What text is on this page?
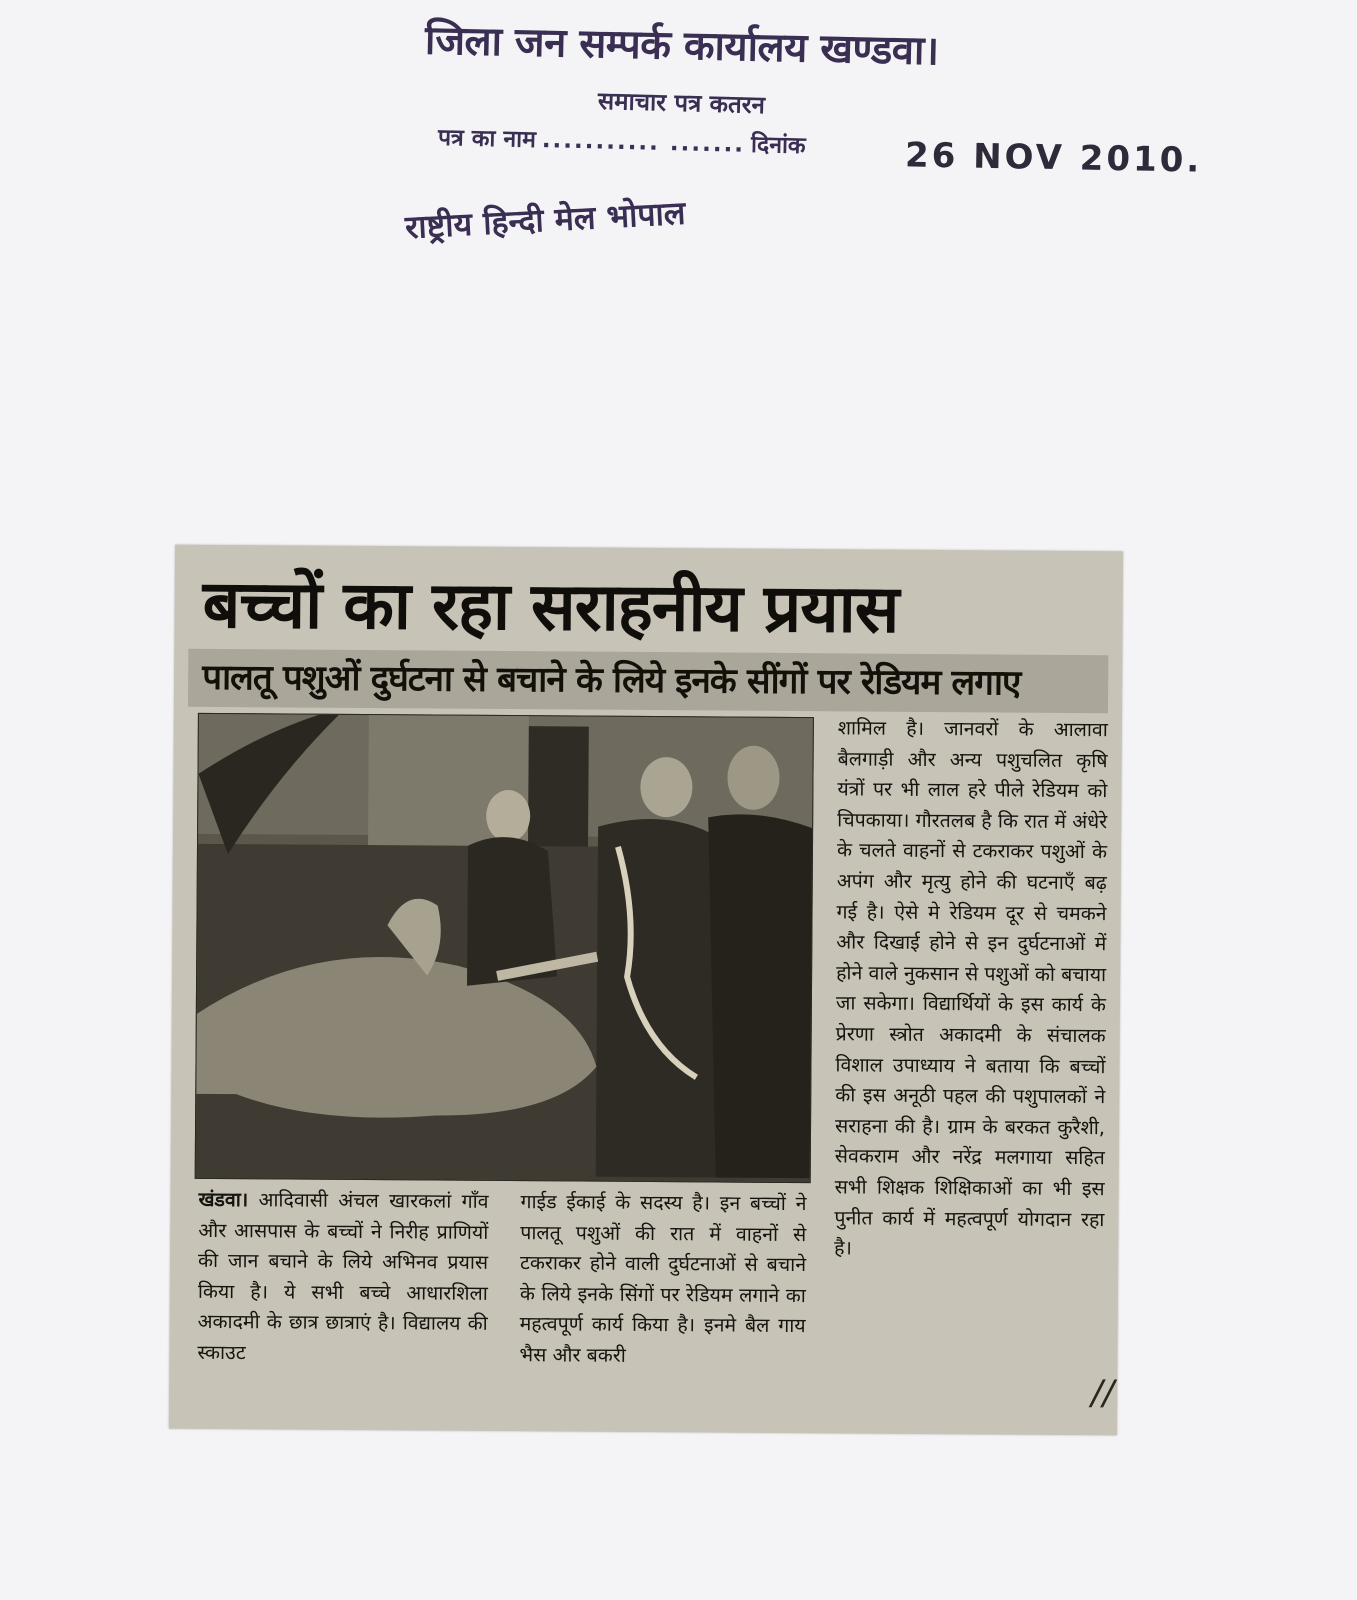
जिला जन सम्पर्क कार्यालय खण्डवा।
समाचार पत्र कतरन
पत्र का नाम ........... ....... दिनांक	26 NOV 2010.
राष्ट्रीय हिन्दी मेल भोपाल
बच्चों का रहा सराहनीय प्रयास
पालतू पशुओं दुर्घटना से बचाने के लिये इनके सींगों पर रेडियम लगाए
शामिल है। जानवरों के आलावा बैलगाड़ी और अन्य पशुचलित कृषि यंत्रों पर भी लाल हरे पीले रेडियम को चिपकाया। गौरतलब है कि रात में अंधेरे के चलते वाहनों से टकराकर पशुओं के अपंग और मृत्यु होने की घटनाएँ बढ़ गई है। ऐसे मे रेडियम दूर से चमकने और दिखाई होने से इन दुर्घटनाओं में होने वाले नुकसान से पशुओं को बचाया जा सकेगा। विद्यार्थियों के इस कार्य के प्रेरणा स्त्रोत अकादमी के संचालक विशाल उपाध्याय ने बताया कि बच्चों की इस अनूठी पहल की पशुपालकों ने सराहना की है। ग्राम के बरकत कुरैशी, सेवकराम और नरेंद्र मलगाया सहित सभी शिक्षक शिक्षिकाओं का भी इस पुनीत कार्य में महत्वपूर्ण योगदान रहा है।
खंडवा। आदिवासी अंचल खारकलां गाँव और आसपास के बच्चों ने निरीह प्राणियों की जान बचाने के लिये अभिनव प्रयास किया है। ये सभी बच्चे आधारशिला अकादमी के छात्र छात्राएं है। विद्यालय की स्काउट
गाईड ईकाई के सदस्य है। इन बच्चों ने पालतू पशुओं की रात में वाहनों से टकराकर होने वाली दुर्घटनाओं से बचाने के लिये इनके सिंगों पर रेडियम लगाने का महत्वपूर्ण कार्य किया है। इनमे बैल गाय भैस और बकरी
//
